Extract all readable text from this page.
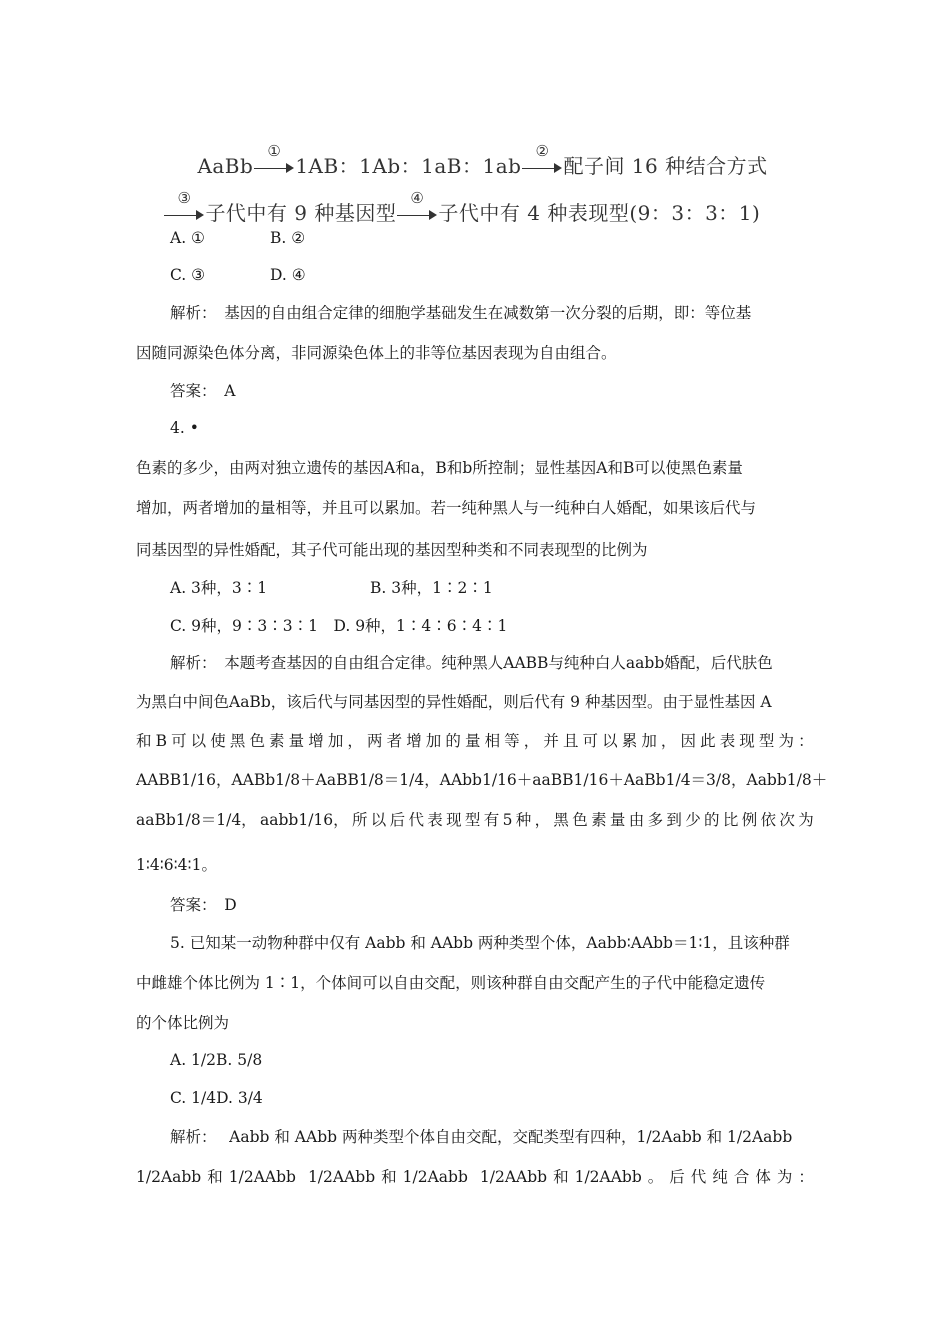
AaBb
①
1AB：1Ab：1aB：1ab
②
配子间 16 种结合方式

③
子代中有 9 种基因型
④
子代中有 4 种表现型(9：3：3：1)

A. ①	B. ②
C. ③	D. ④
解析：　基因的自由组合定律的细胞学基础发生在减数第一次分裂的后期，即：等位基
因随同源染色体分离，非同源染色体上的非等位基因表现为自由组合。
答案：　A
4. •
色素的多少，由两对独立遗传的基因A和a，B和b所控制；显性基因A和B可以使黑色素量
增加，两者增加的量相等，并且可以累加。若一纯种黑人与一纯种白人婚配，如果该后代与
同基因型的异性婚配，其子代可能出现的基因型种类和不同表现型的比例为
A. 3种，3∶1	B. 3种，1∶2∶1
C. 9种，9∶3∶3∶1　D. 9种，1∶4∶6∶4∶1
解析：　本题考查基因的自由组合定律。纯种黑人AABB与纯种白人aabb婚配，后代肤色
为黑白中间色AaBb，该后代与同基因型的异性婚配，则后代有 9 种基因型。由于显性基因 A
和 B 可 以 使 黑 色 素 量 增 加 ， 两 者 增 加 的 量 相 等 ， 并 且 可 以 累 加 ， 因 此 表 现 型 为 ：
AABB1/16， AABb1/8＋AaBB1/8＝1/4， AAbb1/16＋aaBB1/16＋AaBb1/4＝3/8， Aabb1/8＋
aaBb1/8＝1/4， aabb1/16， 所 以 后 代 表 现 型 有 5 种 ， 黑 色 素 量 由 多 到 少 的 比 例 依 次 为
1∶4∶6∶4∶1。
答案：　D
5. 已知某一动物种群中仅有 Aabb 和 AAbb 两种类型个体，Aabb∶AAbb＝1∶1，且该种群
中雌雄个体比例为 1∶1，个体间可以自由交配，则该种群自由交配产生的子代中能稳定遗传
的个体比例为
A. 1/2B. 5/8
C. 1/4D. 3/4
解析：　 Aabb 和 AAbb 两种类型个体自由交配，交配类型有四种，1/2Aabb 和 1/2Aabb
1/2Aabb 和 1/2AAbb 1/2AAbb 和 1/2Aabb 1/2AAbb 和 1/2AAbb 。 后 代 纯 合 体 为 ：
